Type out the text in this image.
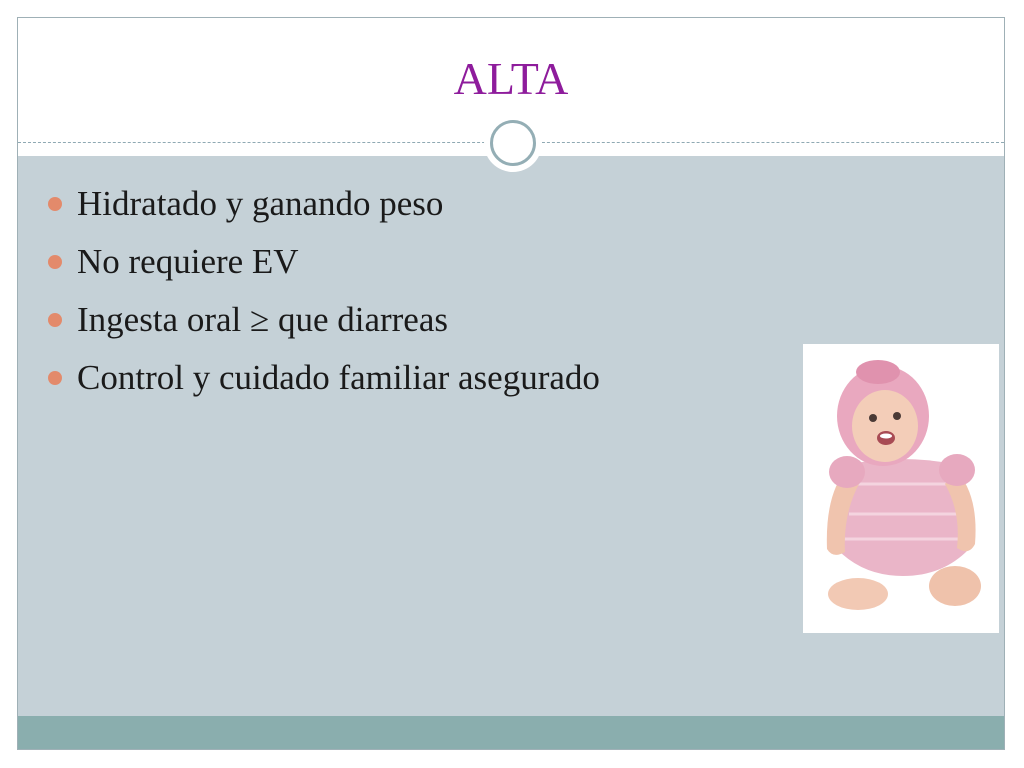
ALTA
Hidratado y ganando peso
No requiere EV
Ingesta oral ≥ que diarreas
Control y cuidado familiar asegurado
